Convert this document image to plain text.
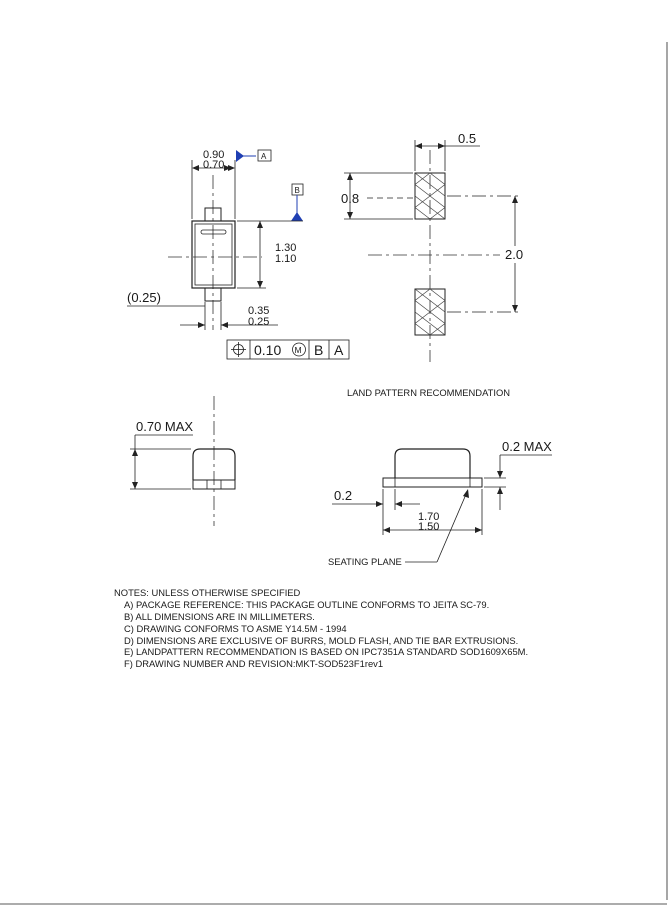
0.90
0.70
A
B
1.30
1.10
(0.25)
0.35
0.25
0.10 M B A
0.5
0.8
2.0
LAND PATTERN RECOMMENDATION
0.70 MAX
0.2 MAX
0.2
1.70
1.50
SEATING PLANE
NOTES: UNLESS OTHERWISE SPECIFIED
A) PACKAGE REFERENCE: THIS PACKAGE OUTLINE CONFORMS TO JEITA SC-79.
B) ALL DIMENSIONS ARE IN MILLIMETERS.
C) DRAWING CONFORMS TO ASME Y14.5M - 1994
D) DIMENSIONS ARE EXCLUSIVE OF BURRS, MOLD FLASH, AND TIE BAR EXTRUSIONS.
E) LANDPATTERN RECOMMENDATION IS BASED ON IPC7351A STANDARD SOD1609X65M.
F) DRAWING NUMBER AND REVISION:MKT-SOD523F1rev1
